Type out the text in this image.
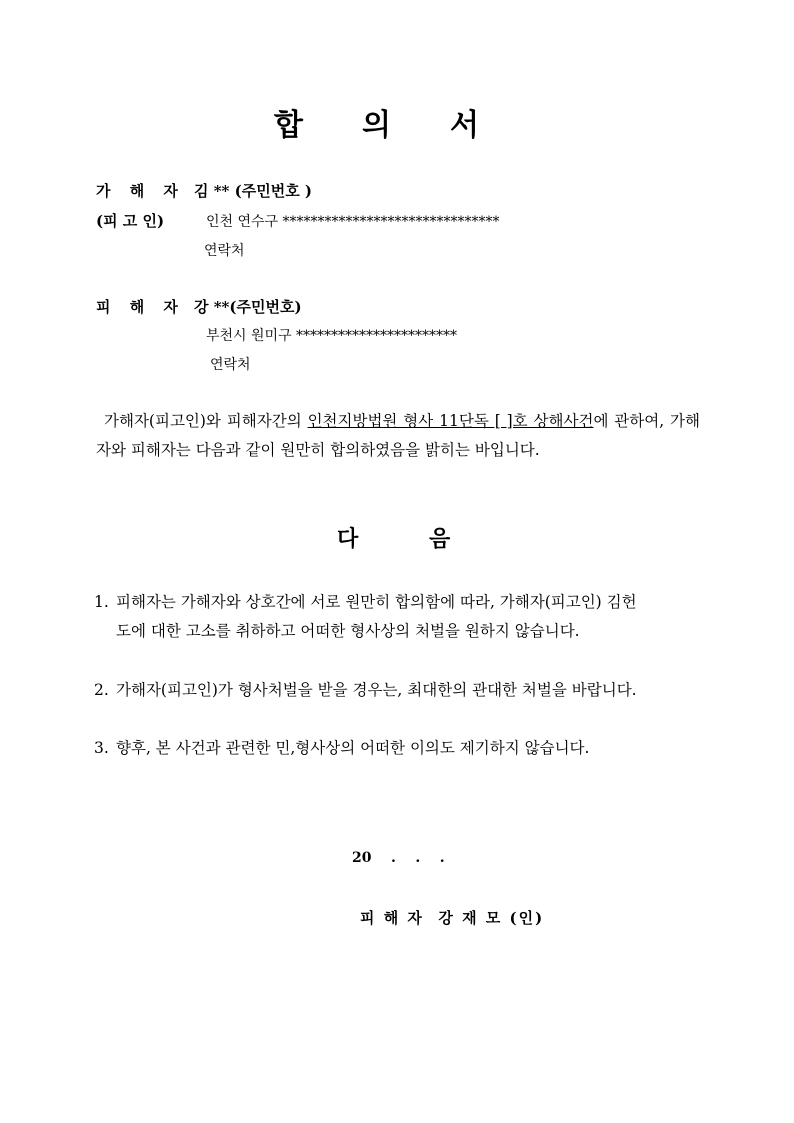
합 의 서
가 해 자 김 ** (주민번호 )
(피 고 인)	인천 연수구 *******************************
연락처
피 해 자 강 **(주민번호)
부천시 원미구 ***********************
연락처
가해자(피고인)와 피해자간의 인천지방법원 형사 11단독 [ ]호 상해사건에 관하여, 가해자와 피해자는 다음과 같이 원만히 합의하였음을 밝히는 바입니다.
다	음
1. 피해자는 가해자와 상호간에 서로 원만히 합의함에 따라, 가해자(피고인) 김헌
도에 대한 고소를 취하하고 어떠한 형사상의 처벌을 원하지 않습니다.
2. 가해자(피고인)가 형사처벌을 받을 경우는, 최대한의 관대한 처벌을 바랍니다.
3. 향후, 본 사건과 관련한 민,형사상의 어떠한 이의도 제기하지 않습니다.
20    .    .    .
피 해 자  강 재 모 (인)
